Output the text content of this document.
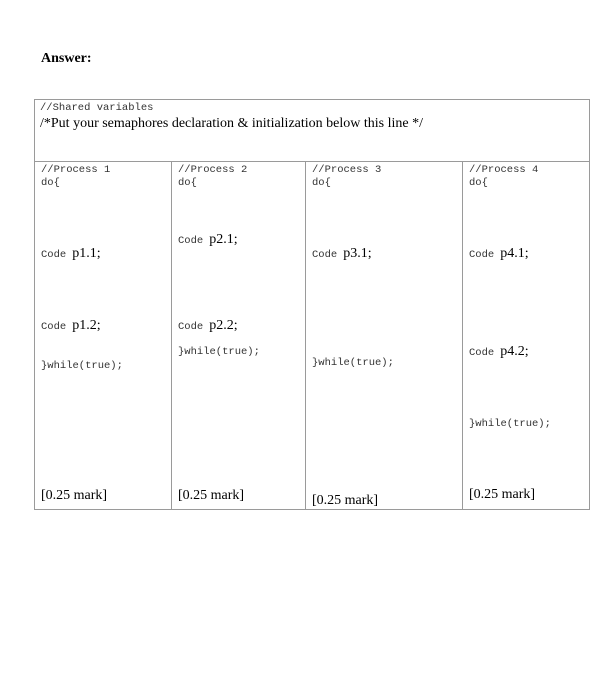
Answer:
//Shared variables
/*Put your semaphores declaration & initialization below this line */
//Process 1
do{
Code p1.1;
Code p1.2;
}while(true);
[0.25 mark]
//Process 2
do{
Code p2.1;
Code p2.2;
}while(true);
[0.25 mark]
//Process 3
do{
Code p3.1;
}while(true);
[0.25 mark]
//Process 4
do{
Code p4.1;
Code p4.2;
}while(true);
[0.25 mark]
